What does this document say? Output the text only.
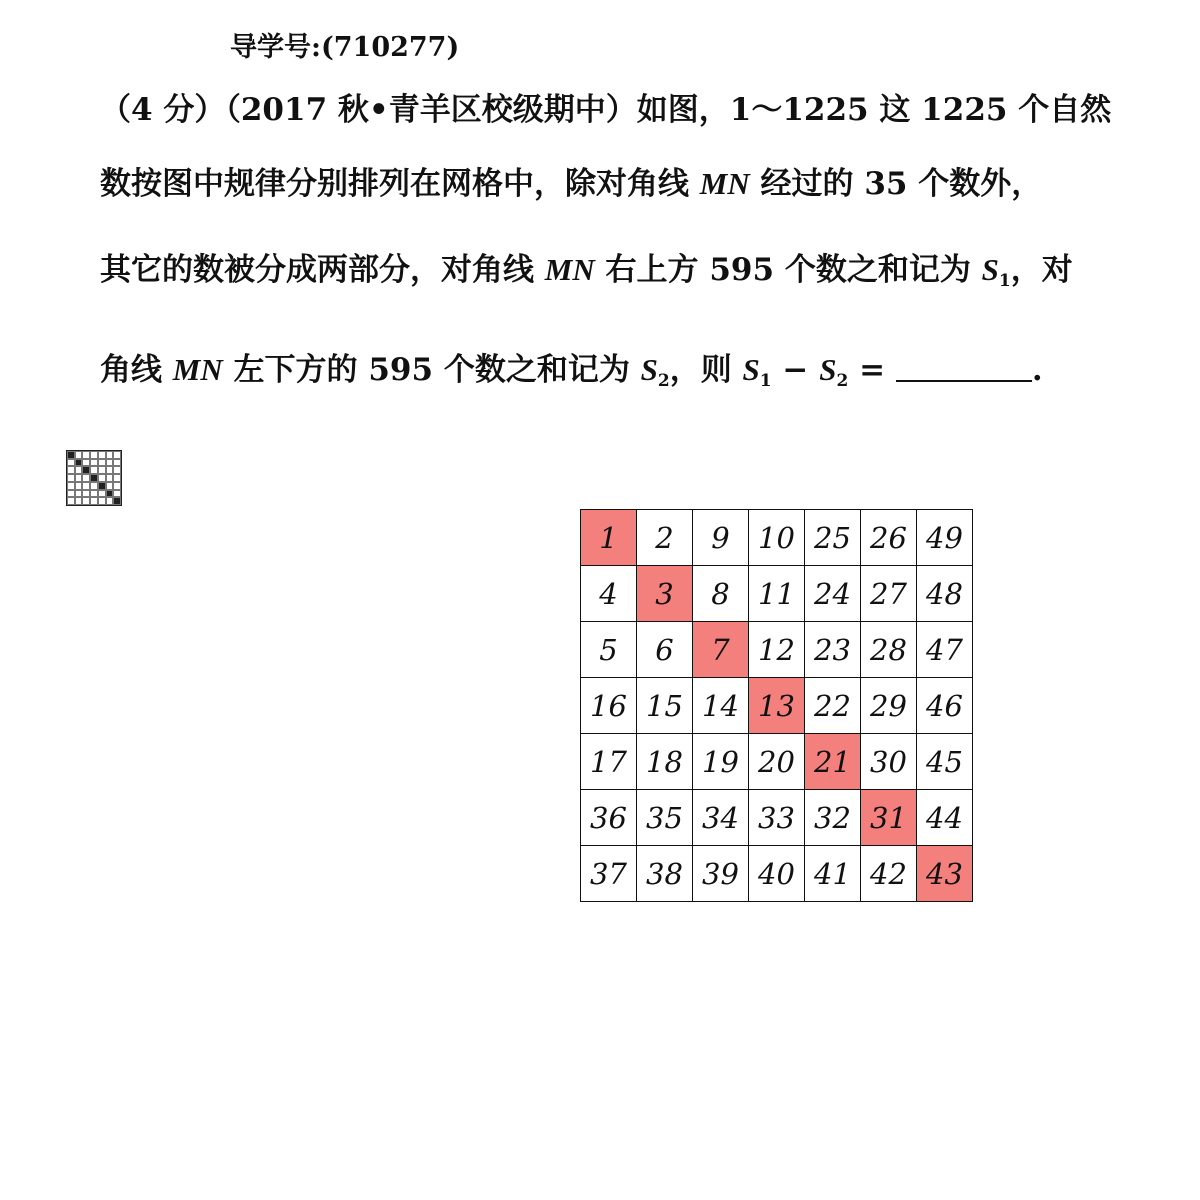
导学号:(710277)
（4 分）（2017 秋•青羊区校级期中）如图，1～1225 这 1225 个自然
数按图中规律分别排列在网格中，除对角线 MN 经过的 35 个数外，
其它的数被分成两部分，对角线 MN 右上方 595 个数之和记为 $S_1$，对
角线 MN 左下方的 595 个数之和记为 $S_2$，则 $S_1 - S_2$ =	.
1	2	9	10	25	26	49
4	3	8	11	24	27	48
5	6	7	12	23	28	47
16	15	14	13	22	29	46
17	18	19	20	21	30	45
36	35	34	33	32	31	44
37	38	39	40	41	42	43
